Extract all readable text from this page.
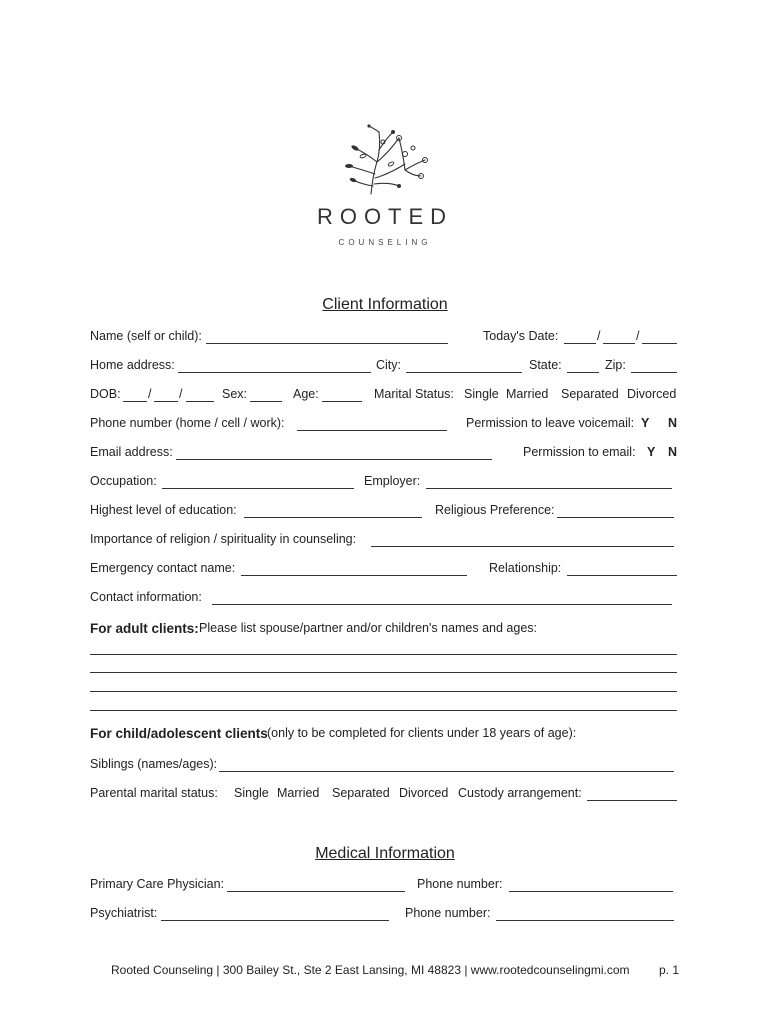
ROOTED
COUNSELING
Client Information
Name (self or child):	Today's Date:	/	/
Home address:	City:	State:	Zip:
DOB: / /	Sex:	Age:	Marital Status: Single Married Separated Divorced
Phone number (home / cell / work):	Permission to leave voicemail: Y N
Email address:	Permission to email: Y N
Occupation:	Employer:
Highest level of education:	Religious Preference:
Importance of religion / spirituality in counseling:
Emergency contact name:	Relationship:
Contact information:
For adult clients: Please list spouse/partner and/or children's names and ages:
For child/adolescent clients (only to be completed for clients under 18 years of age):
Siblings (names/ages):
Parental marital status: Single Married Separated Divorced Custody arrangement:
Medical Information
Primary Care Physician:	Phone number:
Psychiatrist:	Phone number:
Rooted Counseling | 300 Bailey St., Ste 2 East Lansing, MI 48823 | www.rootedcounselingmi.com p. 1
